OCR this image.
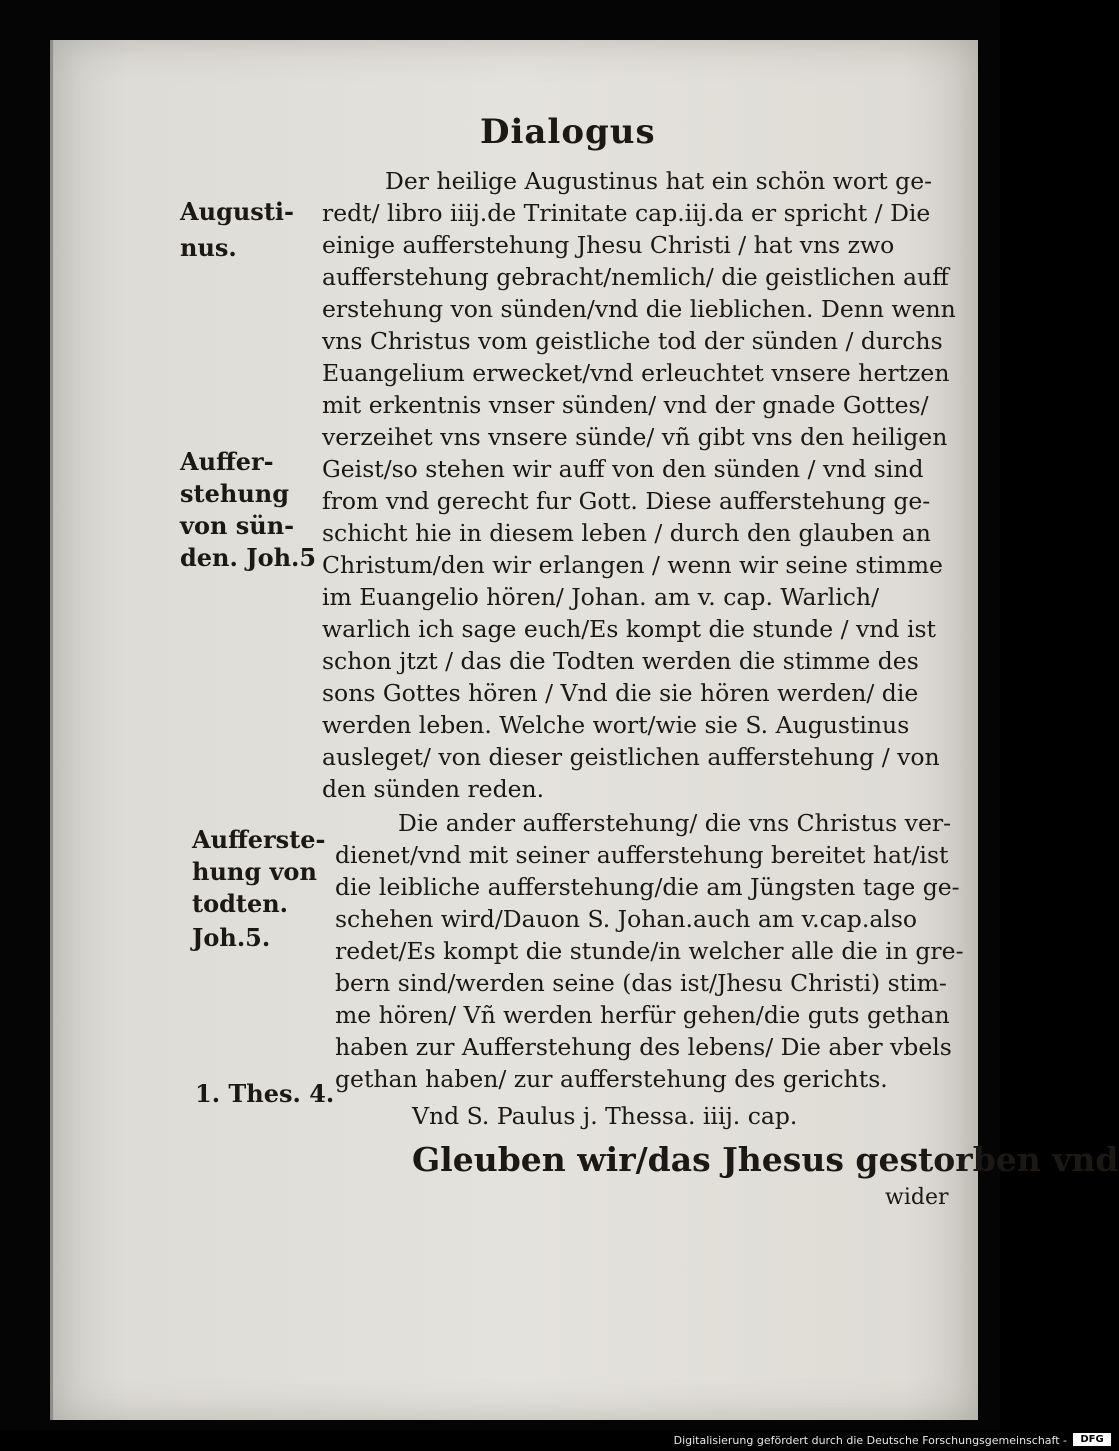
Dialogus
Der heilige Augustinus hat ein schön wort ge-
redt/ libro iiij.de Trinitate cap.iij.da er spricht / Die
einige aufferstehung Jhesu Christi / hat vns zwo
aufferstehung gebracht/nemlich/ die geistlichen auff
erstehung von sünden/vnd die lieblichen. Denn wenn
vns Christus vom geistliche tod der sünden / durchs
Euangelium erwecket/vnd erleuchtet vnsere hertzen
mit erkentnis vnser sünden/ vnd der gnade Gottes/
verzeihet vns vnsere sünde/ vñ gibt vns den heiligen
Geist/so stehen wir auff von den sünden / vnd sind
from vnd gerecht fur Gott. Diese aufferstehung ge-
schicht hie in diesem leben / durch den glauben an
Christum/den wir erlangen / wenn wir seine stimme
im Euangelio hören/ Johan. am v. cap. Warlich/
warlich ich sage euch/Es kompt die stunde / vnd ist
schon jtzt / das die Todten werden die stimme des
sons Gottes hören / Vnd die sie hören werden/ die
werden leben. Welche wort/wie sie S. Augustinus
ausleget/ von dieser geistlichen aufferstehung / von
den sünden reden.
Die ander aufferstehung/ die vns Christus ver-
dienet/vnd mit seiner aufferstehung bereitet hat/ist
die leibliche aufferstehung/die am Jüngsten tage ge-
schehen wird/Dauon S. Johan.auch am v.cap.also
redet/Es kompt die stunde/in welcher alle die in gre-
bern sind/werden seine (das ist/Jhesu Christi) stim-
me hören/ Vñ werden herfür gehen/die guts gethan
haben zur Aufferstehung des lebens/ Die aber vbels
gethan haben/ zur aufferstehung des gerichts.
Vnd S. Paulus j. Thessa. iiij. cap.
Gleuben wir/das Jhesus gestorben vnd
wider
Augusti-
nus.
Auffer-
stehung
von sün-
den. Joh.5
Aufferste-
hung von
todten.
Joh.5.
1. Thes. 4.
Digitalisierung gefördert durch die Deutsche Forschungsgemeinschaft -	DFG
